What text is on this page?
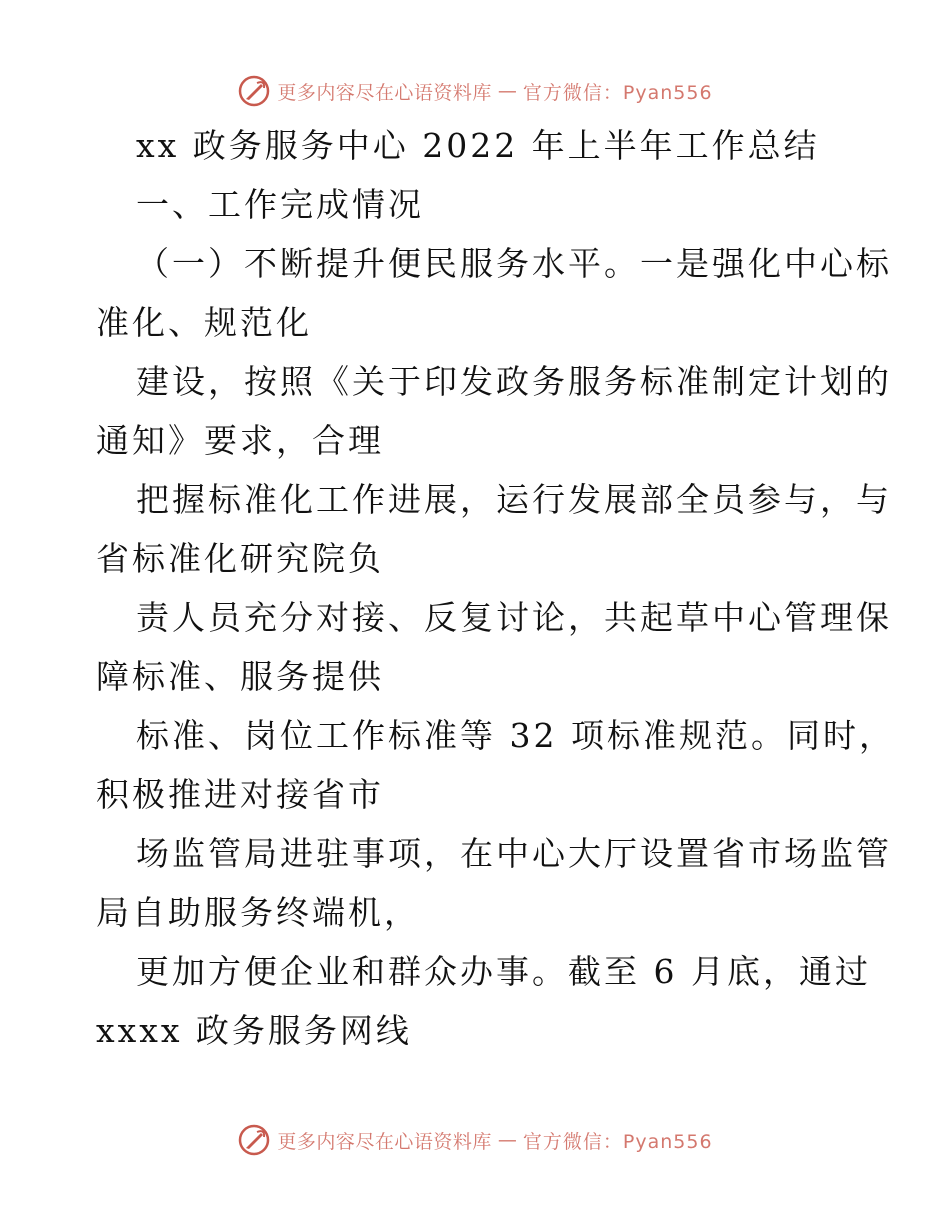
更多内容尽在心语资料库 — 官方微信：Pyan556
xx 政务服务中心 2022 年上半年工作总结
一、工作完成情况
（一）不断提升便民服务水平。一是强化中心标
准化、规范化
建设，按照《关于印发政务服务标准制定计划的
通知》要求，合理
把握标准化工作进展，运行发展部全员参与，与
省标准化研究院负
责人员充分对接、反复讨论，共起草中心管理保
障标准、服务提供
标准、岗位工作标准等 32 项标准规范。同时，
积极推进对接省市
场监管局进驻事项，在中心大厅设置省市场监管
局自助服务终端机，
更加方便企业和群众办事。截至 6 月底，通过
xxxx 政务服务网线
更多内容尽在心语资料库 — 官方微信：Pyan556
